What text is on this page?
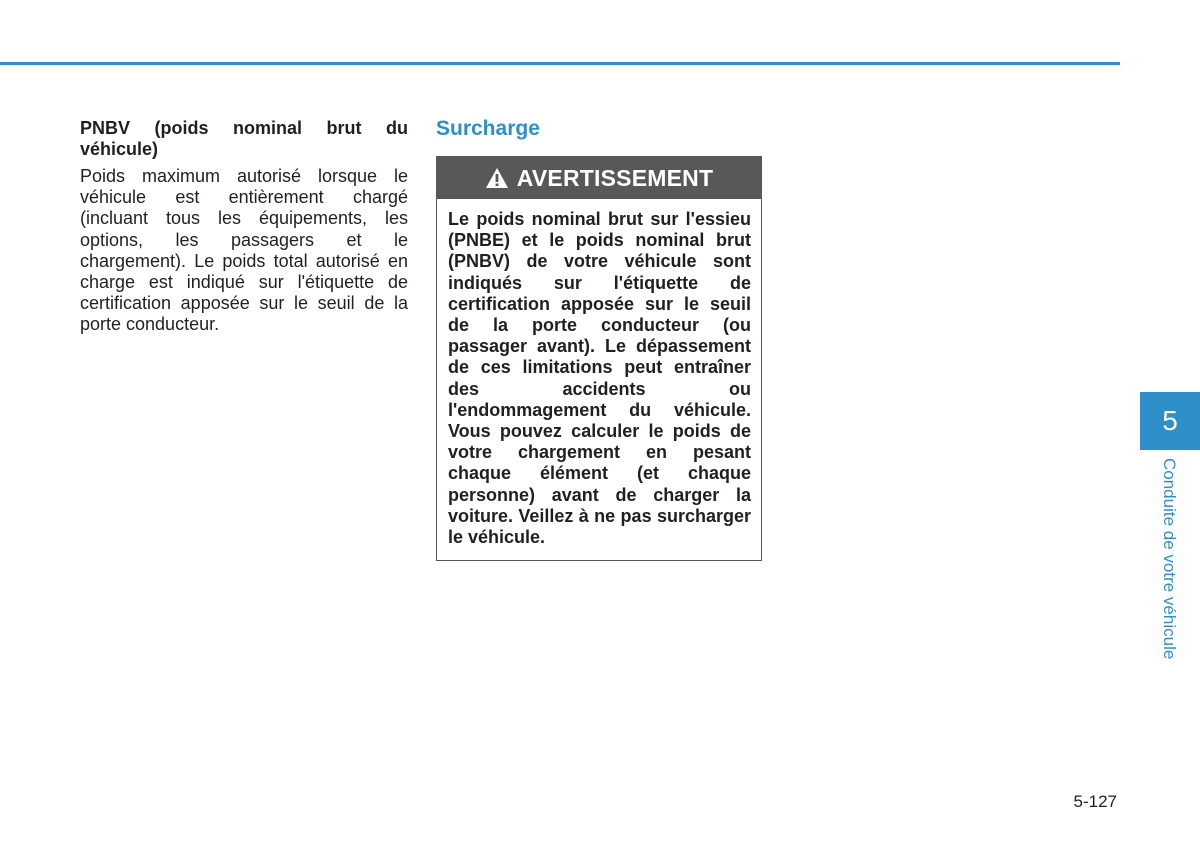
PNBV (poids nominal brut du véhicule)

Poids maximum autorisé lorsque le véhicule est entièrement chargé (incluant tous les équipements, les options, les passagers et le chargement). Le poids total autorisé en charge est indiqué sur l'étiquette de certification apposée sur le seuil de la porte conducteur.

Surcharge
AVERTISSEMENT
Le poids nominal brut sur l'essieu (PNBE) et le poids nominal brut (PNBV) de votre véhicule sont indiqués sur l'étiquette de certification apposée sur le seuil de la porte conducteur (ou passager avant). Le dépassement de ces limitations peut entraîner des accidents ou l'endommagement du véhicule. Vous pouvez calculer le poids de votre chargement en pesant chaque élément (et chaque personne) avant de charger la voiture. Veillez à ne pas surcharger le véhicule.
5
Conduite de votre véhicule
5-127
